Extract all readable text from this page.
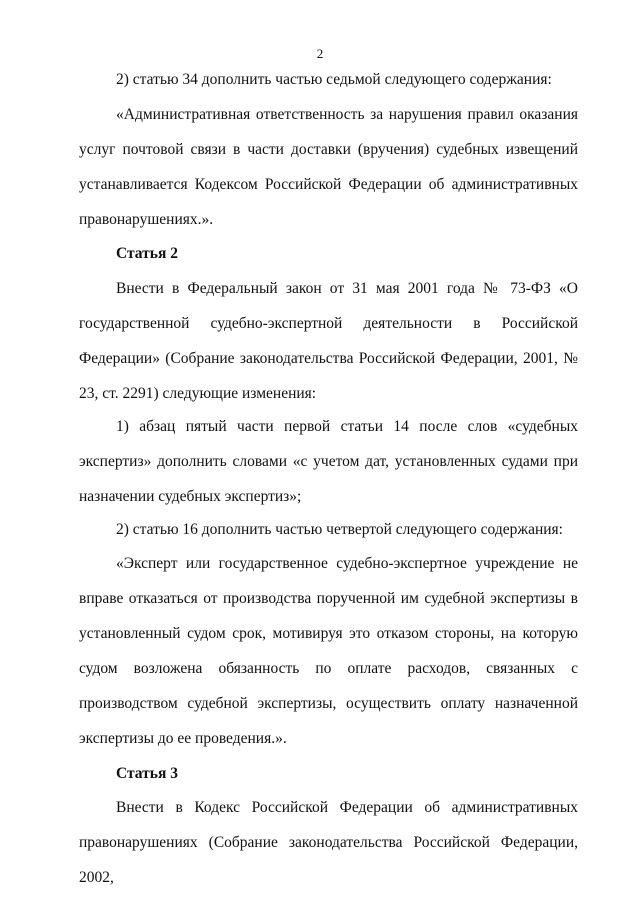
2
2) статью 34 дополнить частью седьмой следующего содержания:
«Административная ответственность за нарушения правил оказания услуг почтовой связи в части доставки (вручения) судебных извещений устанавливается Кодексом Российской Федерации об административных правонарушениях.».
Статья 2
Внести в Федеральный закон от 31 мая 2001 года № 73-ФЗ «О государственной судебно-экспертной деятельности в Российской Федерации» (Собрание законодательства Российской Федерации, 2001, № 23, ст. 2291) следующие изменения:
1) абзац пятый части первой статьи 14 после слов «судебных экспертиз» дополнить словами «с учетом дат, установленных судами при назначении судебных экспертиз»;
2) статью 16 дополнить частью четвертой следующего содержания:
«Эксперт или государственное судебно-экспертное учреждение не вправе отказаться от производства порученной им судебной экспертизы в установленный судом срок, мотивируя это отказом стороны, на которую судом возложена обязанность по оплате расходов, связанных с производством судебной экспертизы, осуществить оплату назначенной экспертизы до ее проведения.».
Статья 3
Внести в Кодекс Российской Федерации об административных правонарушениях (Собрание законодательства Российской Федерации, 2002,
